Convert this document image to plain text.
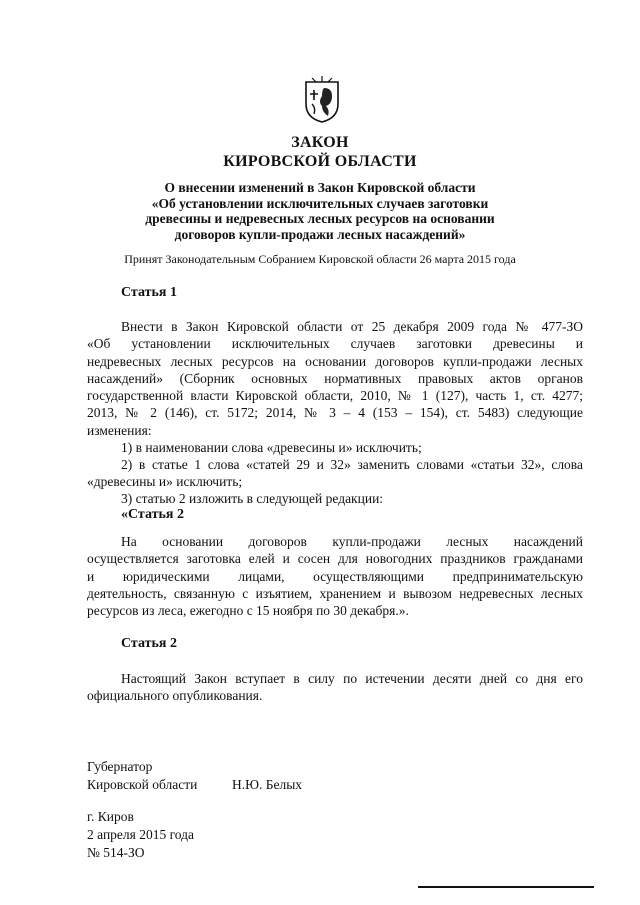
ЗАКОН
КИРОВСКОЙ ОБЛАСТИ
О внесении изменений в Закон Кировской области
«Об установлении исключительных случаев заготовки
древесины и недревесных лесных ресурсов на основании
договоров купли-продажи лесных насаждений»
Принят Законодательным Собранием Кировской области 26 марта 2015 года
Статья 1
Внести в Закон Кировской области от 25 декабря 2009 года № 477-ЗО
«Об установлении исключительных случаев заготовки древесины и
недревесных лесных ресурсов на основании договоров купли-продажи лесных
насаждений» (Сборник основных нормативных правовых актов органов
государственной власти Кировской области, 2010, № 1 (127), часть 1, ст. 4277;
2013, № 2 (146), ст. 5172; 2014, № 3 – 4 (153 – 154), ст. 5483) следующие
изменения:
1) в наименовании слова «древесины и» исключить;
2) в статье 1 слова «статей 29 и 32» заменить словами «статьи 32», слова
«древесины и» исключить;
3) статью 2 изложить в следующей редакции:
«Статья 2
На основании договоров купли-продажи лесных насаждений
осуществляется заготовка елей и сосен для новогодних праздников гражданами
и юридическими лицами, осуществляющими предпринимательскую
деятельность, связанную с изъятием, хранением и вывозом недревесных лесных
ресурсов из леса, ежегодно с 15 ноября по 30 декабря.».
Статья 2
Настоящий Закон вступает в силу по истечении десяти дней со дня его
официального опубликования.
Губернатор
Кировской области	Н.Ю. Белых
г. Киров
2 апреля 2015 года
№ 514-ЗО
